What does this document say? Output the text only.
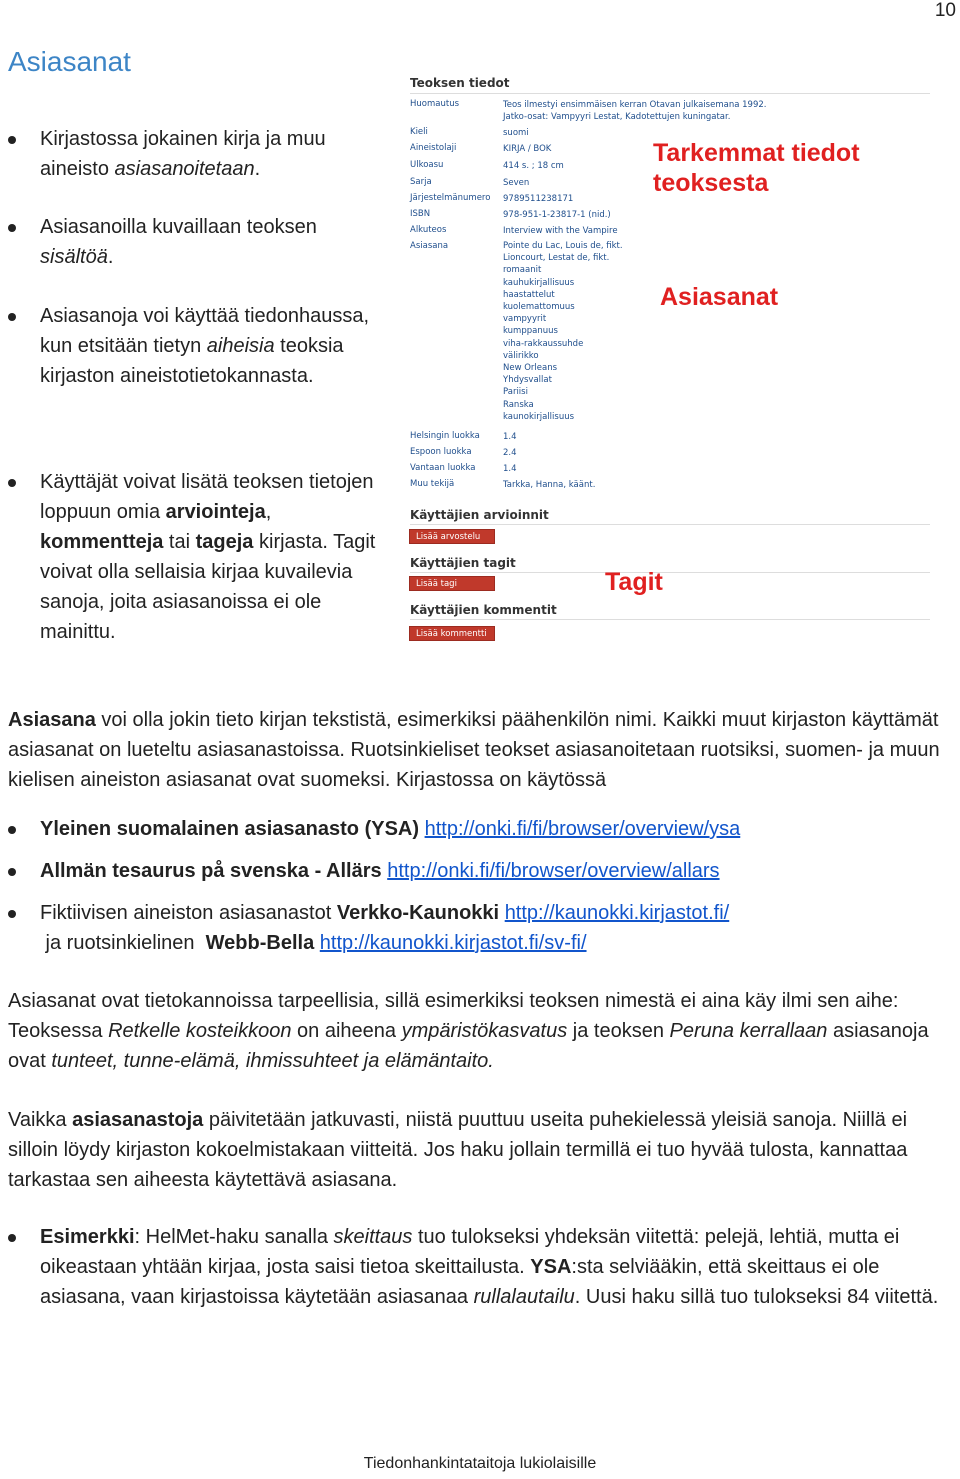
10
Asiasanat
Kirjastossa jokainen kirja ja muu aineisto asiasanoitetaan.
Asiasanoilla kuvaillaan teoksen sisältöä.
Asiasanoja voi käyttää tiedonhaussa, kun etsitään tietyn aiheisia teoksia kirjaston aineistotietokannasta.
Käyttäjät voivat lisätä teoksen tietojen loppuun omia arviointeja, kommentteja tai tageja kirjasta. Tagit voivat olla sellaisia kirjaa kuvailevia sanoja, joita asiasanoissa ei ole mainittu.
Teoksen tiedot
Huomautus	Teos ilmestyi ensimmäisen kerran Otavan julkaisemana 1992.
Jatko-osat: Vampyyri Lestat, Kadotettujen kuningatar.
Kieli	suomi
Aineistolaji	KIRJA / BOK
Ulkoasu	414 s. ; 18 cm
Sarja	Seven
Järjestelmänumero 9789511238171
ISBN	978-951-1-23817-1 (nid.)
Alkuteos	Interview with the Vampire
Asiasana	Pointe du Lac, Louis de, fikt.
Lioncourt, Lestat de, fikt.
romaanit
kauhukirjallisuus
haastattelut
kuolemattomuus
vampyyrit
kumppanuus
viha-rakkaussuhde
välirikko
New Orleans
Yhdysvallat
Pariisi
Ranska
kaunokirjallisuus
Helsingin luokka	1.4
Espoon luokka	2.4
Vantaan luokka	1.4
Muu tekijä	Tarkka, Hanna, käänt.
Käyttäjien arvioinnit
Lisää arvostelu
Käyttäjien tagit
Lisää tagi
Käyttäjien kommentit
Lisää kommentti
Tarkemmat tiedot teoksesta
Asiasanat
Tagit
Asiasana voi olla jokin tieto kirjan tekstistä, esimerkiksi päähenkilön nimi. Kaikki muut kirjaston käyttämät asiasanat on lueteltu asiasanastoissa. Ruotsinkieliset teokset asiasanoitetaan ruotsiksi, suomen- ja muun kielisen aineiston asiasanat ovat suomeksi. Kirjastossa on käytössä
Yleinen suomalainen asiasanasto (YSA) http://onki.fi/fi/browser/overview/ysa
Allmän tesaurus på svenska - Allärs http://onki.fi/fi/browser/overview/allars
Fiktiivisen aineiston asiasanastot Verkko-Kaunokki http://kaunokki.kirjastot.fi/ ja ruotsinkielinen  Webb-Bella http://kaunokki.kirjastot.fi/sv-fi/
Asiasanat ovat tietokannoissa tarpeellisia, sillä esimerkiksi teoksen nimestä ei aina käy ilmi sen aihe: Teoksessa Retkelle kosteikkoon on aiheena ympäristökasvatus ja teoksen Peruna kerrallaan asiasanoja ovat tunteet, tunne-elämä, ihmissuhteet ja elämäntaito.
Vaikka asiasanastoja päivitetään jatkuvasti, niistä puuttuu useita puhekielessä yleisiä sanoja. Niillä ei silloin löydy kirjaston kokoelmistakaan viitteitä. Jos haku jollain termillä ei tuo hyvää tulosta, kannattaa tarkastaa sen aiheesta käytettävä asiasana.
Esimerkki: HelMet-haku sanalla skeittaus tuo tulokseksi yhdeksän viitettä: pelejä, lehtiä, mutta ei oikeastaan yhtään kirjaa, josta saisi tietoa skeittailusta. YSA:sta selviääkin, että skeittaus ei ole asiasana, vaan kirjastoissa käytetään asiasanaa rullalautailu. Uusi haku sillä tuo tulokseksi 84 viitettä.
Tiedonhankintataitoja lukiolaisille
